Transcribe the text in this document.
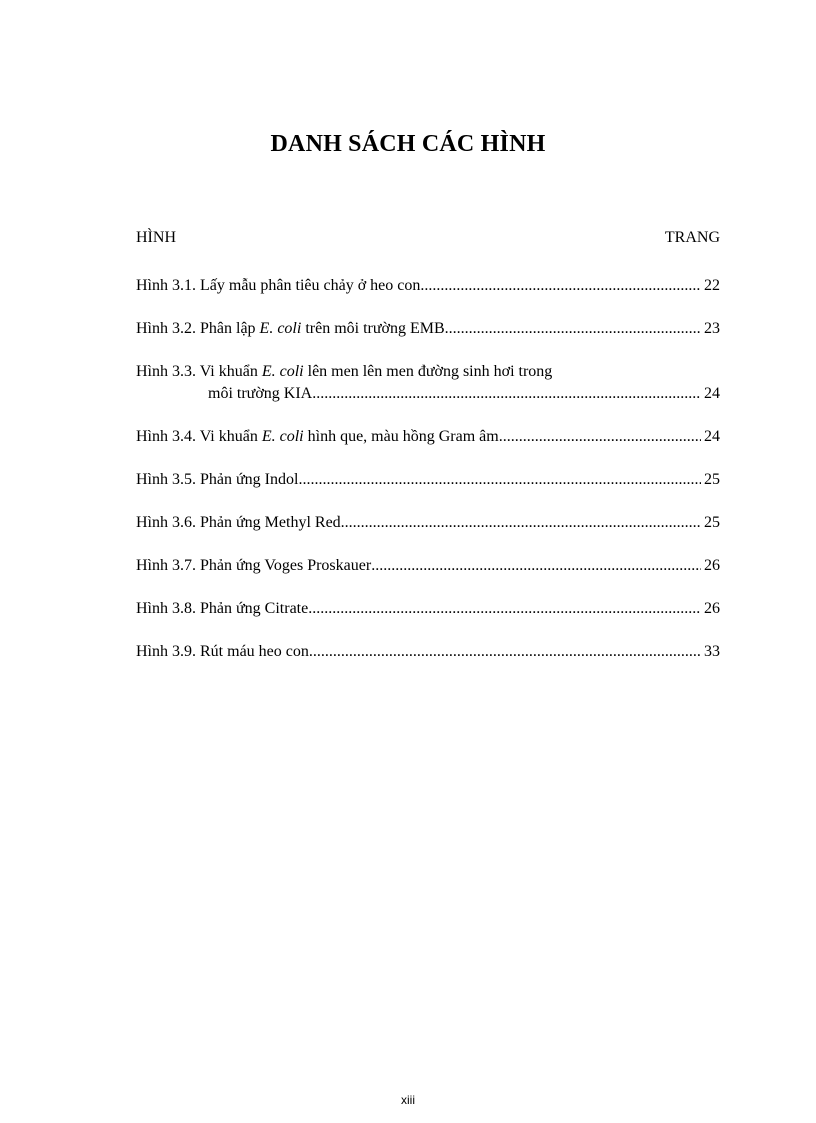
DANH SÁCH CÁC HÌNH
HÌNH	TRANG
Hình 3.1. Lấy mẫu phân tiêu chảy ở heo con .....	22
Hình 3.2. Phân lập E. coli trên môi trường EMB .....	23
Hình 3.3. Vi khuẩn E. coli lên men lên men đường sinh hơi trong
môi trường KIA .....	24
Hình 3.4. Vi khuẩn E. coli hình que, màu hồng Gram âm .....	24
Hình 3.5. Phản ứng Indol .....	25
Hình 3.6. Phản ứng Methyl Red .....	25
Hình 3.7. Phản ứng Voges Proskauer .....	26
Hình 3.8. Phản ứng Citrate .....	26
Hình 3.9. Rút máu heo con .....	33
xiii
